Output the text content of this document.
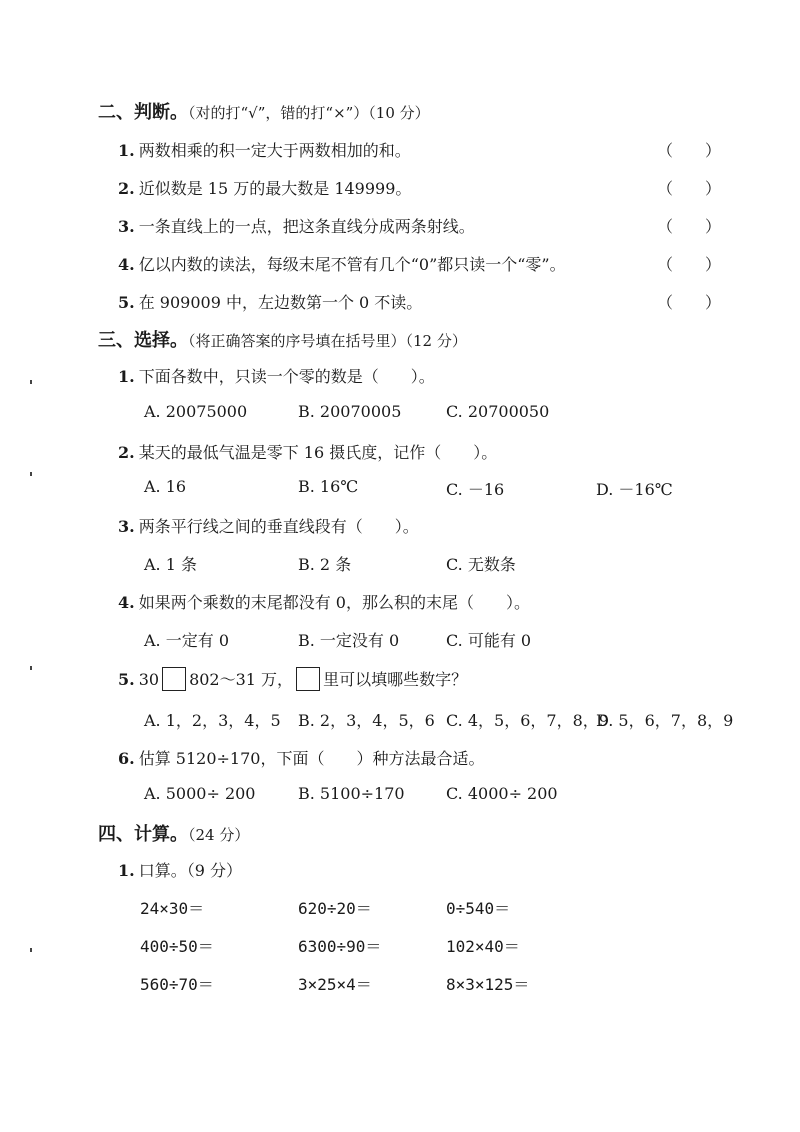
二、判断。（对的打“√”，错的打“×”）（10 分）
1. 两数相乘的积一定大于两数相加的和。	（　　）
2. 近似数是 15 万的最大数是 149999。	（　　）
3. 一条直线上的一点，把这条直线分成两条射线。	（　　）
4. 亿以内数的读法，每级末尾不管有几个“0”都只读一个“零”。	（　　）
5. 在 909009 中，左边数第一个 0 不读。	（　　）
三、选择。（将正确答案的序号填在括号里）（12 分）
1. 下面各数中，只读一个零的数是（　　）。
A. 20075000	B. 20070005	C. 20700050
2. 某天的最低气温是零下 16 摄氏度，记作（　　）。
A. 16	B. 16℃	C. －16	D. －16℃
3. 两条平行线之间的垂直线段有（　　）。
A. 1 条	B. 2 条	C. 无数条
4. 如果两个乘数的末尾都没有 0，那么积的末尾（　　）。
A. 一定有 0	B. 一定没有 0	C. 可能有 0
5. 30 802～31 万， 里可以填哪些数字？
A. 1，2，3，4，5 B. 2，3，4，5，6 C. 4，5，6，7，8，9
D. 5，6，7，8，9
6. 估算 5120÷170，下面（　　）种方法最合适。
A. 5000÷ 200	B. 5100÷170	C. 4000÷ 200
四、计算。（24 分）
1. 口算。（9 分）
24×30＝	620÷20＝	0÷540＝
400÷50＝	6300÷90＝	102×40＝
560÷70＝	3×25×4＝	8×3×125＝
